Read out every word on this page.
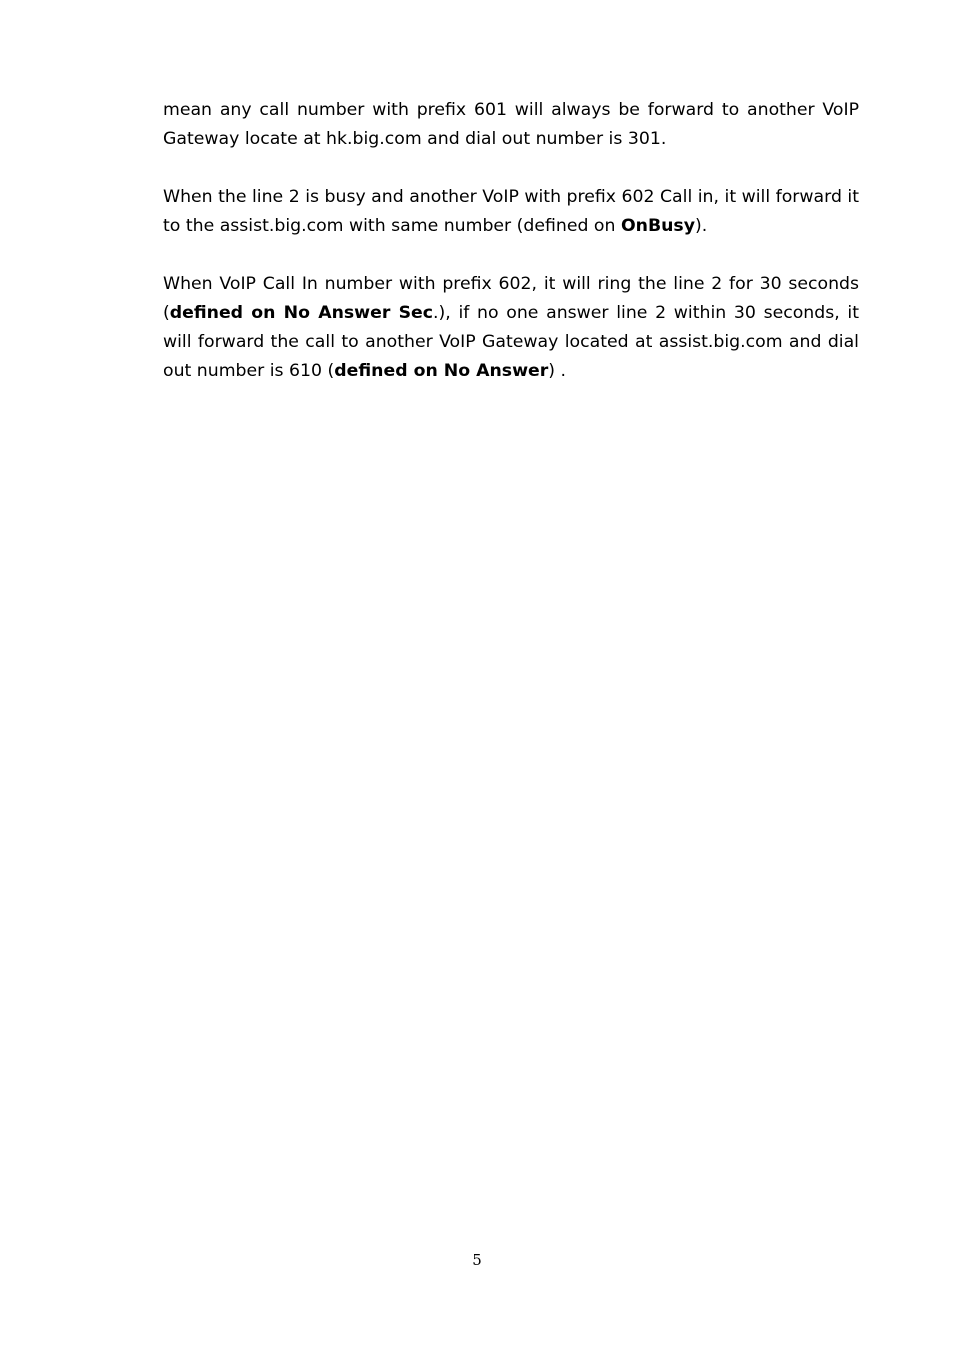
mean any call number with prefix 601 will always be forward to another VoIP Gateway locate at hk.big.com and dial out number is 301.

When the line 2 is busy and another VoIP with prefix 602 Call in, it will forward it to the assist.big.com with same number (defined on OnBusy).

When VoIP Call In number with prefix 602, it will ring the line 2 for 30 seconds (defined on No Answer Sec.), if no one answer line 2 within 30 seconds, it will forward the call to another VoIP Gateway located at assist.big.com and dial out number is 610 (defined on No Answer) .

5
